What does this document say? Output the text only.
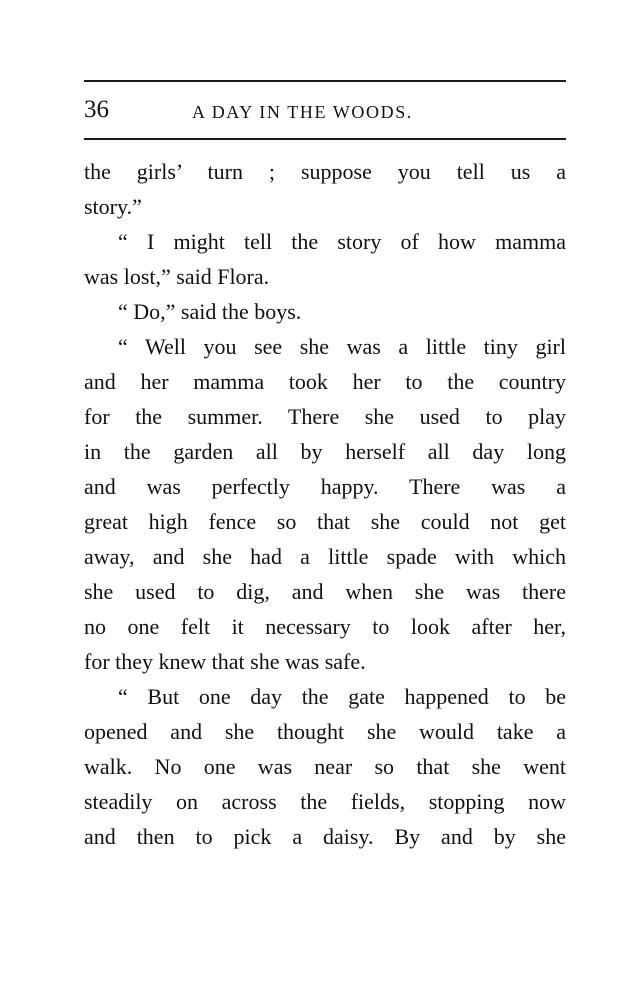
36	A DAY IN THE WOODS.
the girls’ turn ; suppose you tell us a
story.”
“ I might tell the story of how mamma
was lost,” said Flora.
“ Do,” said the boys.
“ Well you see she was a little tiny girl
and her mamma took her to the country
for the summer. There she used to play
in the garden all by herself all day long
and was perfectly happy. There was a
great high fence so that she could not get
away, and she had a little spade with which
she used to dig, and when she was there
no one felt it necessary to look after her,
for they knew that she was safe.
“ But one day the gate happened to be
opened and she thought she would take a
walk. No one was near so that she went
steadily on across the fields, stopping now
and then to pick a daisy. By and by she
